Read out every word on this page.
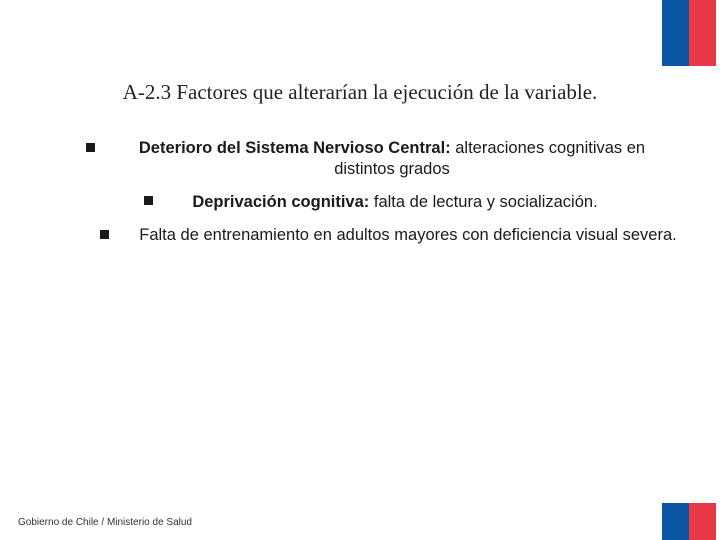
A-2.3 Factores que alterarían la ejecución de la variable.
Deterioro del Sistema Nervioso Central: alteraciones cognitivas en distintos grados
Deprivación cognitiva: falta de lectura y socialización.
Falta de entrenamiento en adultos mayores con deficiencia visual severa.
Gobierno de Chile / Ministerio de Salud
